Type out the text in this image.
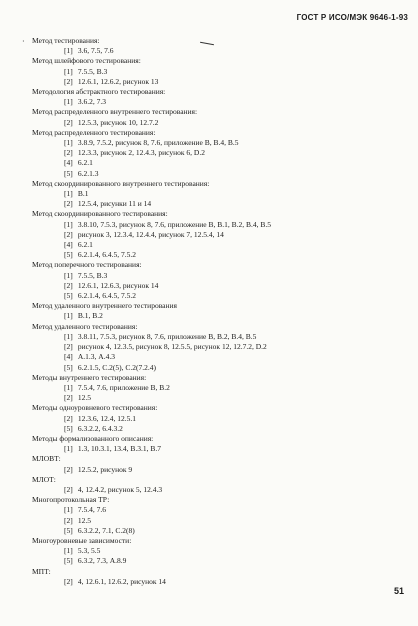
ГОСТ Р ИСО/МЭК 9646-1-93
· Метод тестирования:
[1] 3.6, 7.5, 7.6
Метод шлейфового тестирования:
[1] 7.5.5, В.3
[2] 12.6.1, 12.6.2, рисунок 13
Методология абстрактного тестирования:
[1] 3.6.2, 7.3
Метод распределенного внутреннего тестирования:
[2] 12.5.3, рисунок 10, 12.7.2
Метод распределенного тестирования:
[1] 3.8.9, 7.5.2, рисунок 8, 7.6, приложение В, В.4, В.5
[2] 12.3.3, рисунок 2, 12.4.3, рисунок 6, D.2
[4] 6.2.1
[5] 6.2.1.3
Метод скоординированного внутреннего тестирования:
[1] В.1
[2] 12.5.4, рисунки 11 и 14
Метод скоординированного тестирования:
[1] 3.8.10, 7.5.3, рисунок 8, 7.6, приложение В, В.1, В.2, В.4, В.5
[2] рисунок 3, 12.3.4, 12.4.4, рисунок 7, 12.5.4, 14
[4] 6.2.1
[5] 6.2.1.4, 6.4.5, 7.5.2
Метод поперечного тестирования:
[1] 7.5.5, В.3
[2] 12.6.1, 12.6.3, рисунок 14
[5] 6.2.1.4, 6.4.5, 7.5.2
Метод удаленного внутреннего тестирования
[1] В.1, В.2
Метод удаленного тестирования:
[1] 3.8.11, 7.5.3, рисунок 8, 7.6, приложение В, В.2, В.4, В.5
[2] рисунок 4, 12.3.5, рисунок 8, 12.5.5, рисунок 12, 12.7.2, D.2
[4] А.1.3, А.4.3
[5] 6.2.1.5, С.2(5), С.2(7.2.4)
Методы внутреннего тестирования:
[1] 7.5.4, 7.6, приложение В, В.2
[2] 12.5
Методы одноуровневого тестирования:
[2] 12.3.6, 12.4, 12.5.1
[5] 6.3.2.2, 6.4.3.2
Методы формализованного описания:
[1] 1.3, 10.3.1, 13.4, В.3.1, В.7
МЛОВТ:
[2] 12.5.2, рисунок 9
МЛОТ:
[2] 4, 12.4.2, рисунок 5, 12.4.3
Многопротокольная ТР:
[1] 7.5.4, 7.6
[2] 12.5
[5] 6.3.2.2, 7.1, С.2(8)
Многоуровневые зависимости:
[1] 5.3, 5.5
[5] 6.3.2, 7.3, А.8.9
МПТ:
[2] 4, 12.6.1, 12.6.2, рисунок 14
51
